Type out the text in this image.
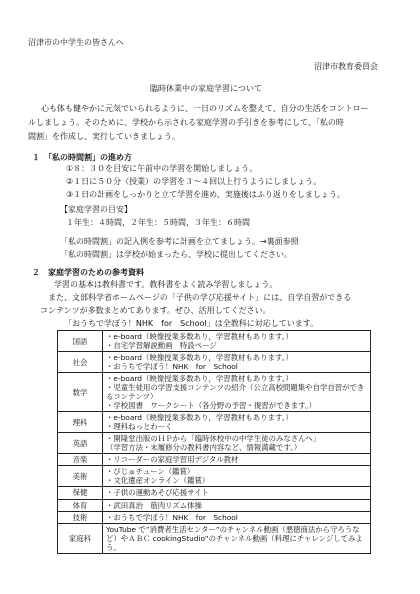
沼津市の中学生の皆さんへ
沼津市教育委員会
臨時休業中の家庭学習について
心も体も健やかに元気でいられるように、一日のリズムを整えて、自分の生活をコントロー
ルしましょう。そのために、学校から示される家庭学習の手引きを参考にして、「私の時
間割」を作成し、実行していきましょう。
１　「私の時間割」の進め方
①８：３０を目安に午前中の学習を開始しましょう。
②１日に５０分（授業）の学習を３～４回以上行うようにしましょう。
③１日の計画をしっかりと立て学習を進め、実施後はふり返りをしましょう。
【家庭学習の目安】
１年生：４時間，２年生：５時間，３年生：６時間
「私の時間割」の記入例を参考に計画を立てましょう。→裏面参照
「私の時間割」は学校が始まったら、学校に提出してください。
２　家庭学習のための参考資料
学習の基本は教科書です。教科書をよく読み学習しましょう。
また、文部科学省ホームページの「子供の学び応援サイト」には、自学自習ができる
コンテンツが多数まとめてあります。ぜひ、活用してください。
「おうちで学ぼう！NHK　for　School」は全教科に対応しています。
国語	・e-board（映像授業多数あり，学習教材もあります。）
・自宅学習解説動画　特設ページ

社会	・e-board（映像授業多数あり，学習教材もあります。）
・おうちで学ぼう！NHK　for　School

数学	・e-board（映像授業多数あり，学習教材もあります。）
・児童生徒用の学習支援コンテンツの紹介（公立高校問題集や自学自習ができるコンテンツ）
・学校図書　ワークシート（各分野の予習・復習ができます。）

理科	・e-board（映像授業多数あり，学習教材もあります。）
・理科ねっとわーく

英語	・開隆堂出版のＨＰから「臨時休校中の中学生徒のみなさんへ」
（学習方法・未履修分の教科書内容など、情報満載です。）

音楽	・リコーダーの家庭学習用デジタル教材

美術	・びじゅチューン（鑑賞）
・文化遺産オンライン（鑑賞）

保健	・子供の運動あそび応援サイト

体育	・武田真治　筋肉リズム体操

技術	・おうちで学ぼう！NHK　for　School

家庭科	YouTube で”消費者生活センター”のチャンネル動画（悪徳商法から守ろうなど）やＡＢＣ cookingStudio”のチャンネル動画（料理にチャレンジしてみよう。
